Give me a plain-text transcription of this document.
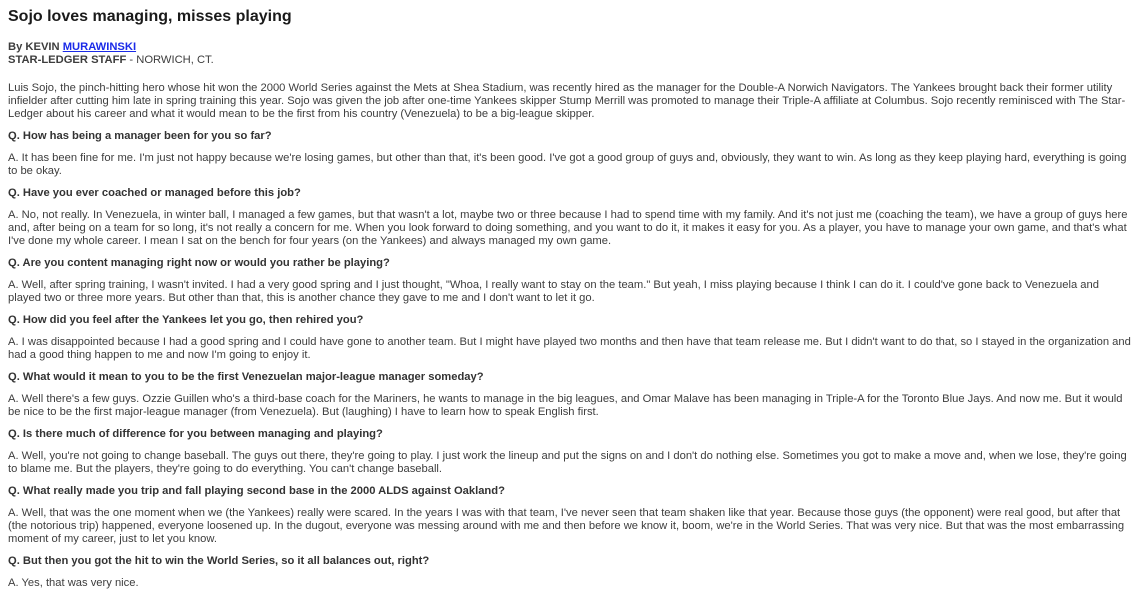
Sojo loves managing, misses playing

By KEVIN MURAWINSKI
STAR-LEDGER STAFF - NORWICH, CT.

Luis Sojo, the pinch-hitting hero whose hit won the 2000 World Series against the Mets at Shea Stadium, was recently hired as the manager for the Double-A Norwich Navigators. The Yankees brought back their former utility infielder after cutting him late in spring training this year. Sojo was given the job after one-time Yankees skipper Stump Merrill was promoted to manage their Triple-A affiliate at Columbus. Sojo recently reminisced with The Star-Ledger about his career and what it would mean to be the first from his country (Venezuela) to be a big-league skipper.

Q. How has being a manager been for you so far?

A. It has been fine for me. I'm just not happy because we're losing games, but other than that, it's been good. I've got a good group of guys and, obviously, they want to win. As long as they keep playing hard, everything is going to be okay.

Q. Have you ever coached or managed before this job?

A. No, not really. In Venezuela, in winter ball, I managed a few games, but that wasn't a lot, maybe two or three because I had to spend time with my family. And it's not just me (coaching the team), we have a group of guys here and, after being on a team for so long, it's not really a concern for me. When you look forward to doing something, and you want to do it, it makes it easy for you. As a player, you have to manage your own game, and that's what I've done my whole career. I mean I sat on the bench for four years (on the Yankees) and always managed my own game.

Q. Are you content managing right now or would you rather be playing?

A. Well, after spring training, I wasn't invited. I had a very good spring and I just thought, "Whoa, I really want to stay on the team." But yeah, I miss playing because I think I can do it. I could've gone back to Venezuela and played two or three more years. But other than that, this is another chance they gave to me and I don't want to let it go.

Q. How did you feel after the Yankees let you go, then rehired you?

A. I was disappointed because I had a good spring and I could have gone to another team. But I might have played two months and then have that team release me. But I didn't want to do that, so I stayed in the organization and had a good thing happen to me and now I'm going to enjoy it.

Q. What would it mean to you to be the first Venezuelan major-league manager someday?

A. Well there's a few guys. Ozzie Guillen who's a third-base coach for the Mariners, he wants to manage in the big leagues, and Omar Malave has been managing in Triple-A for the Toronto Blue Jays. And now me. But it would be nice to be the first major-league manager (from Venezuela). But (laughing) I have to learn how to speak English first.

Q. Is there much of difference for you between managing and playing?

A. Well, you're not going to change baseball. The guys out there, they're going to play. I just work the lineup and put the signs on and I don't do nothing else. Sometimes you got to make a move and, when we lose, they're going to blame me. But the players, they're going to do everything. You can't change baseball.

Q. What really made you trip and fall playing second base in the 2000 ALDS against Oakland?

A. Well, that was the one moment when we (the Yankees) really were scared. In the years I was with that team, I've never seen that team shaken like that year. Because those guys (the opponent) were real good, but after that (the notorious trip) happened, everyone loosened up. In the dugout, everyone was messing around with me and then before we know it, boom, we're in the World Series. That was very nice. But that was the most embarrassing moment of my career, just to let you know.

Q. But then you got the hit to win the World Series, so it all balances out, right?

A. Yes, that was very nice.
